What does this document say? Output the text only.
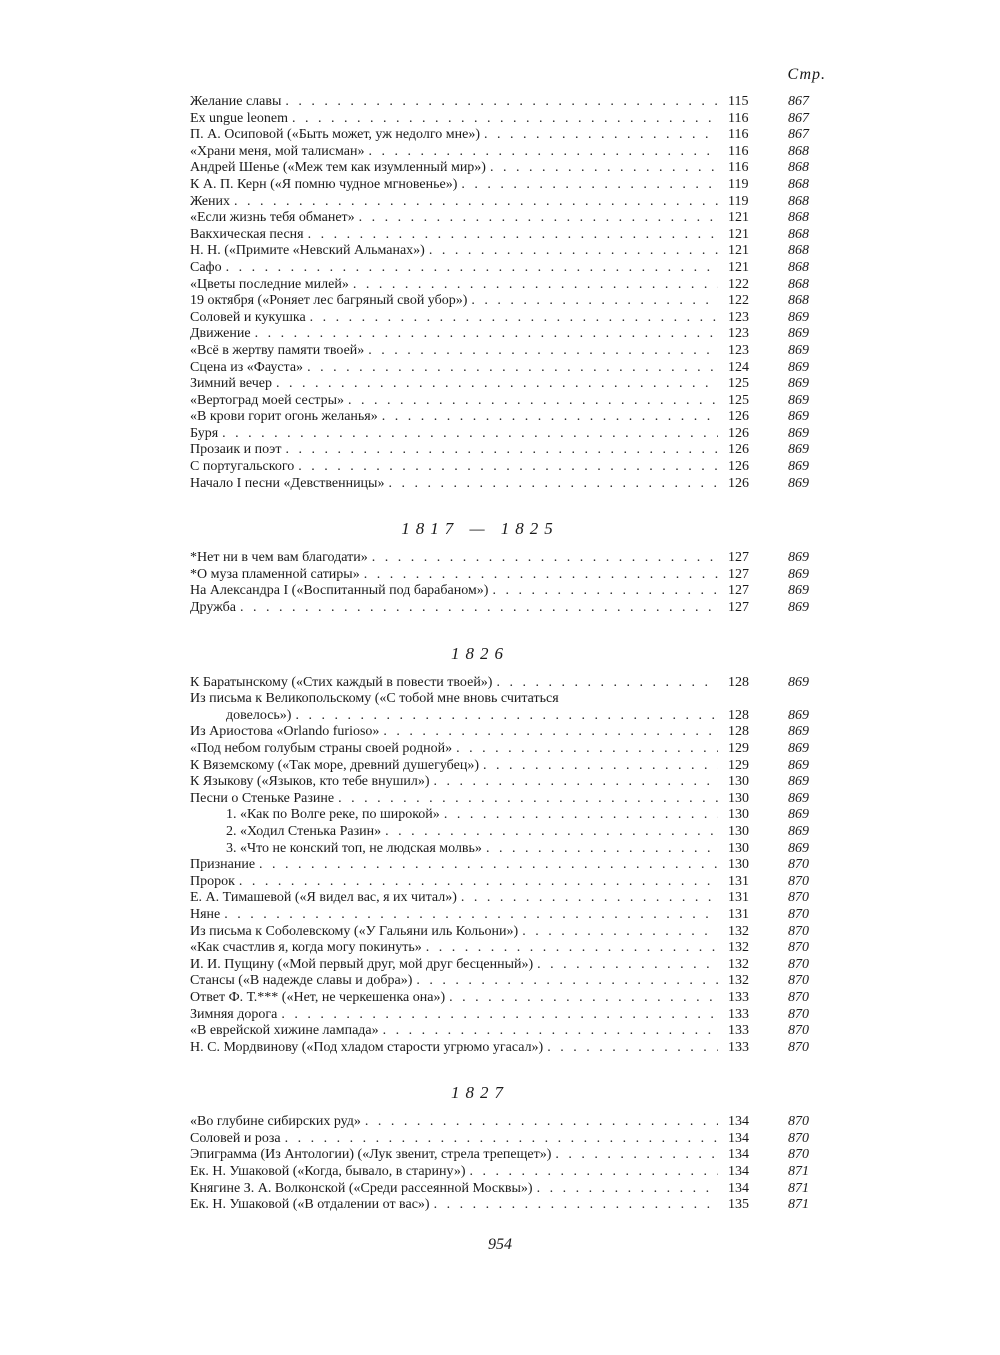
Стр.
Желание славы . . .	115	867
Ex ungue leonem . . .	116	867
П. А. Осиповой («Быть может, уж недолго мне») . . .	116	867
«Храни меня, мой талисман» . . .	116	868
Андрей Шенье («Меж тем как изумленный мир») . . .	116	868
К А. П. Керн («Я помню чудное мгновенье») . . .	119	868
Жених . . .	119	868
«Если жизнь тебя обманет» . . .	121	868
Вакхическая песня . . .	121	868
Н. Н. («Примите «Невский Альманах») . . .	121	868
Сафо . . .	121	868
«Цветы последние милей» . . .	122	868
19 октября («Роняет лес багряный свой убор») . . .	122	868
Соловей и кукушка . . .	123	869
Движение . . .	123	869
«Всё в жертву памяти твоей» . . .	123	869
Сцена из «Фауста» . . .	124	869
Зимний вечер . . .	125	869
«Вертоград моей сестры» . . .	125	869
«В крови горит огонь желанья» . . .	126	869
Буря . . .	126	869
Прозаик и поэт . . .	126	869
С португальского . . .	126	869
Начало I песни «Девственницы» . . .	126	869
1817 — 1825
*Нет ни в чем вам благодати» . . .	127	869
*О муза пламенной сатиры» . . .	127	869
На Александра I («Воспитанный под барабаном») . . .	127	869
Дружба . . .	127	869
1826
К Баратынскому («Стих каждый в повести твоей») . . .	128	869
Из письма к Великопольскому («С тобой мне вновь считаться
довелось») . . .	128	869
Из Ариостова «Orlando furioso» . . .	128	869
«Под небом голубым страны своей родной» . . .	129	869
К Вяземскому («Так море, древний душегубец») . . .	129	869
К Языкову («Языков, кто тебе внушил») . . .	130	869
Песни о Стеньке Разине . . .	130	869
1. «Как по Волге реке, по широкой» . . .	130	869
2. «Ходил Стенька Разин» . . .	130	869
3. «Что не конский топ, не людская молвь» . . .	130	869
Признание . . .	130	870
Пророк . . .	131	870
Е. А. Тимашевой («Я видел вас, я их читал») . . .	131	870
Няне . . .	131	870
Из письма к Соболевскому («У Гальяни иль Кольони») . . .	132	870
«Как счастлив я, когда могу покинуть» . . .	132	870
И. И. Пущину («Мой первый друг, мой друг бесценный») . . .	132	870
Стансы («В надежде славы и добра») . . .	132	870
Ответ Ф. Т.*** («Нет, не черкешенка она») . . .	133	870
Зимняя дорога . . .	133	870
«В еврейской хижине лампада» . . .	133	870
Н. С. Мордвинову («Под хладом старости угрюмо угасал») . . .	133	870
1827
«Во глубине сибирских руд» . . .	134	870
Соловей и роза . . .	134	870
Эпиграмма (Из Антологии) («Лук звенит, стрела трепещет») . . .	134	870
Ек. Н. Ушаковой («Когда, бывало, в старину») . . .	134	871
Княгине З. А. Волконской («Среди рассеянной Москвы») . . .	134	871
Ек. Н. Ушаковой («В отдалении от вас») . . .	135	871
954
